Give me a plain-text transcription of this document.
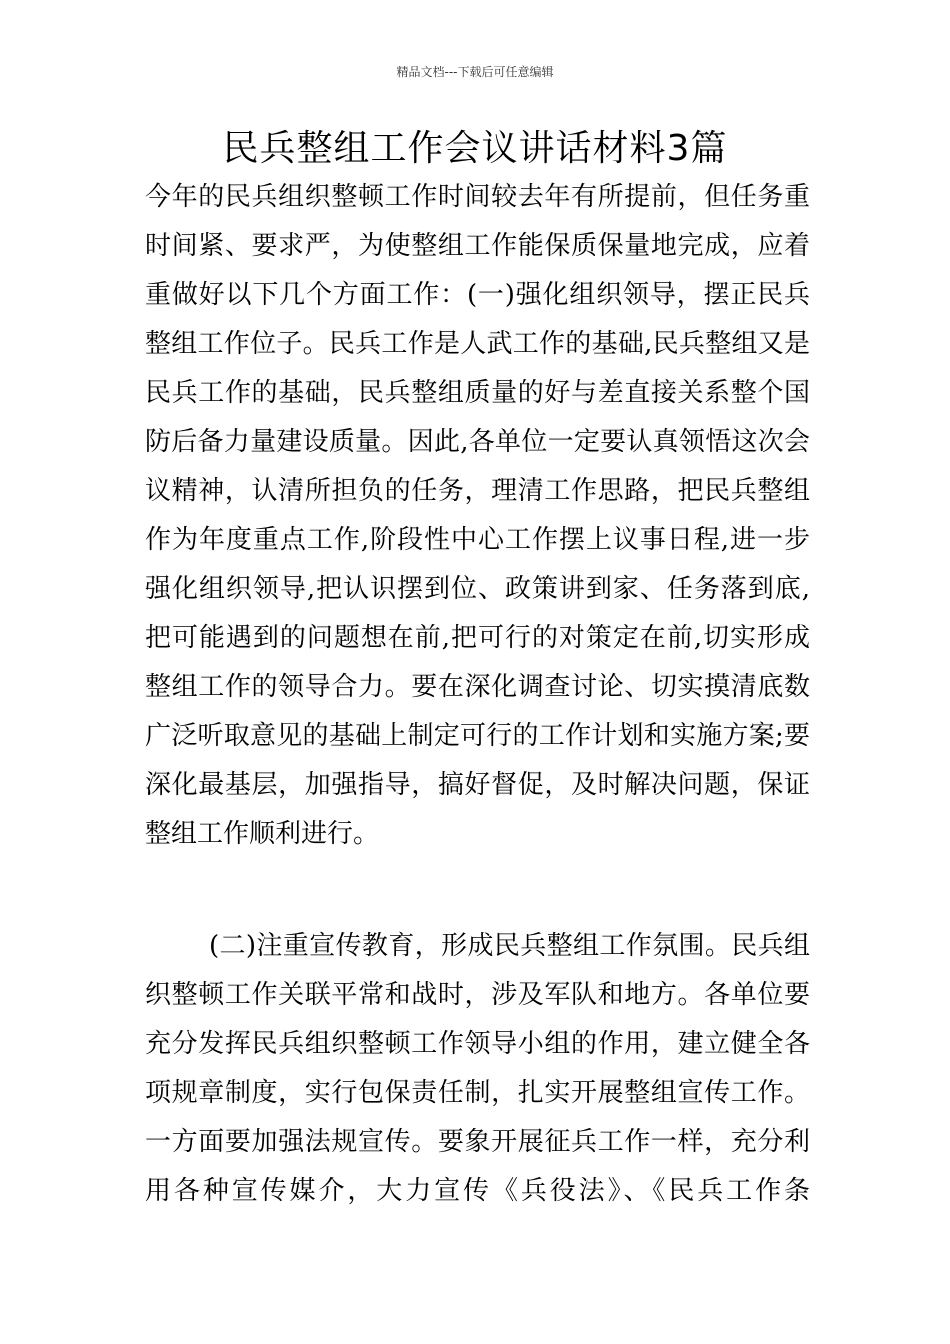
精品文档---下载后可任意编辑
民兵整组工作会议讲话材料3篇
今年的民兵组织整顿工作时间较去年有所提前，但任务重
时间紧、要求严，为使整组工作能保质保量地完成，应着
重做好以下几个方面工作：(一)强化组织领导，摆正民兵
整组工作位子。民兵工作是人武工作的基础,民兵整组又是
民兵工作的基础，民兵整组质量的好与差直接关系整个国
防后备力量建设质量。因此,各单位一定要认真领悟这次会
议精神，认清所担负的任务，理清工作思路，把民兵整组
作为年度重点工作,阶段性中心工作摆上议事日程,进一步
强化组织领导,把认识摆到位、政策讲到家、任务落到底,
把可能遇到的问题想在前,把可行的对策定在前,切实形成
整组工作的领导合力。要在深化调查讨论、切实摸清底数
广泛听取意见的基础上制定可行的工作计划和实施方案;要
深化最基层，加强指导，搞好督促，及时解决问题，保证
整组工作顺利进行。
(二)注重宣传教育，形成民兵整组工作氛围。民兵组
织整顿工作关联平常和战时，涉及军队和地方。各单位要
充分发挥民兵组织整顿工作领导小组的作用，建立健全各
项规章制度，实行包保责任制，扎实开展整组宣传工作。
一方面要加强法规宣传。要象开展征兵工作一样，充分利
用各种宣传媒介，大力宣传《兵役法》、《民兵工作条
